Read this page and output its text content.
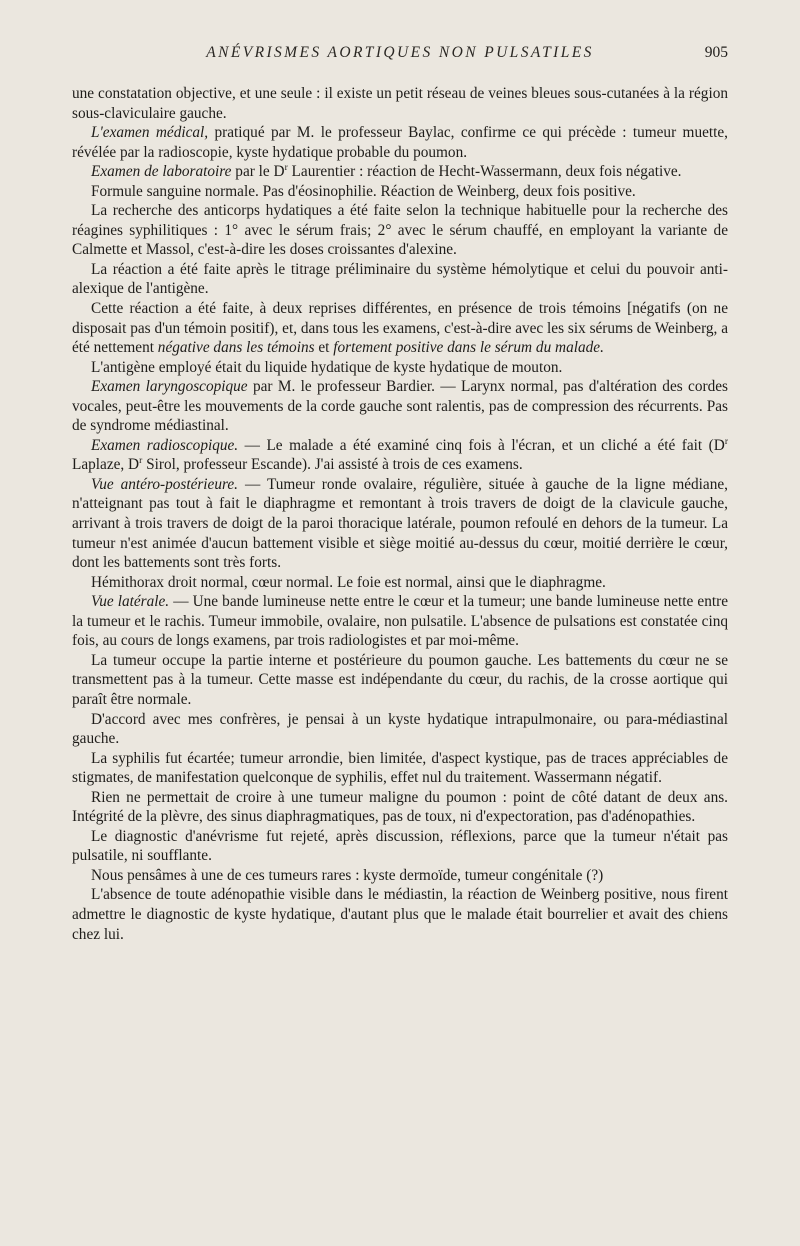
ANÉVRISMES AORTIQUES NON PULSATILES	905

une constatation objective, et une seule : il existe un petit réseau de veines bleues sous-cutanées à la région sous-claviculaire gauche.

L'examen médical, pratiqué par M. le professeur Baylac, confirme ce qui précède : tumeur muette, révélée par la radioscopie, kyste hydatique probable du poumon.

Examen de laboratoire par le $D^r$ Laurentier : réaction de Hecht-Wassermann, deux fois négative.

Formule sanguine normale. Pas d'éosinophilie. Réaction de Weinberg, deux fois positive.

La recherche des anticorps hydatiques a été faite selon la technique habituelle pour la recherche des réagines syphilitiques : 1° avec le sérum frais; 2° avec le sérum chauffé, en employant la variante de Calmette et Massol, c'est-à-dire les doses croissantes d'alexine.

La réaction a été faite après le titrage préliminaire du système hémolytique et celui du pouvoir anti-alexique de l'antigène.

Cette réaction a été faite, à deux reprises différentes, en présence de trois témoins [négatifs (on ne disposait pas d'un témoin positif), et, dans tous les examens, c'est-à-dire avec les six sérums de Weinberg, a été nettement négative dans les témoins et fortement positive dans le sérum du malade.

L'antigène employé était du liquide hydatique de kyste hydatique de mouton.

Examen laryngoscopique par M. le professeur Bardier. — Larynx normal, pas d'altération des cordes vocales, peut-être les mouvements de la corde gauche sont ralentis, pas de compression des récurrents. Pas de syndrome médiastinal.

Examen radioscopique. — Le malade a été examiné cinq fois à l'écran, et un cliché a été fait ($D^r$ Laplaze, $D^r$ Sirol, professeur Escande). J'ai assisté à trois de ces examens.

Vue antéro-postérieure. — Tumeur ronde ovalaire, régulière, située à gauche de la ligne médiane, n'atteignant pas tout à fait le diaphragme et remontant à trois travers de doigt de la clavicule gauche, arrivant à trois travers de doigt de la paroi thoracique latérale, poumon refoulé en dehors de la tumeur. La tumeur n'est animée d'aucun battement visible et siège moitié au-dessus du cœur, moitié derrière le cœur, dont les battements sont très forts.

Hémithorax droit normal, cœur normal. Le foie est normal, ainsi que le diaphragme.

Vue latérale. — Une bande lumineuse nette entre le cœur et la tumeur; une bande lumineuse nette entre la tumeur et le rachis. Tumeur immobile, ovalaire, non pulsatile. L'absence de pulsations est constatée cinq fois, au cours de longs examens, par trois radiologistes et par moi-même.

La tumeur occupe la partie interne et postérieure du poumon gauche. Les battements du cœur ne se transmettent pas à la tumeur. Cette masse est indépendante du cœur, du rachis, de la crosse aortique qui paraît être normale.

D'accord avec mes confrères, je pensai à un kyste hydatique intrapulmonaire, ou para-médiastinal gauche.

La syphilis fut écartée; tumeur arrondie, bien limitée, d'aspect kystique, pas de traces appréciables de stigmates, de manifestation quelconque de syphilis, effet nul du traitement. Wassermann négatif.

Rien ne permettait de croire à une tumeur maligne du poumon : point de côté datant de deux ans. Intégrité de la plèvre, des sinus diaphragmatiques, pas de toux, ni d'expectoration, pas d'adénopathies.

Le diagnostic d'anévrisme fut rejeté, après discussion, réflexions, parce que la tumeur n'était pas pulsatile, ni soufflante.

Nous pensâmes à une de ces tumeurs rares : kyste dermoïde, tumeur congénitale (?)

L'absence de toute adénopathie visible dans le médiastin, la réaction de Weinberg positive, nous firent admettre le diagnostic de kyste hydatique, d'autant plus que le malade était bourrelier et avait des chiens chez lui.
